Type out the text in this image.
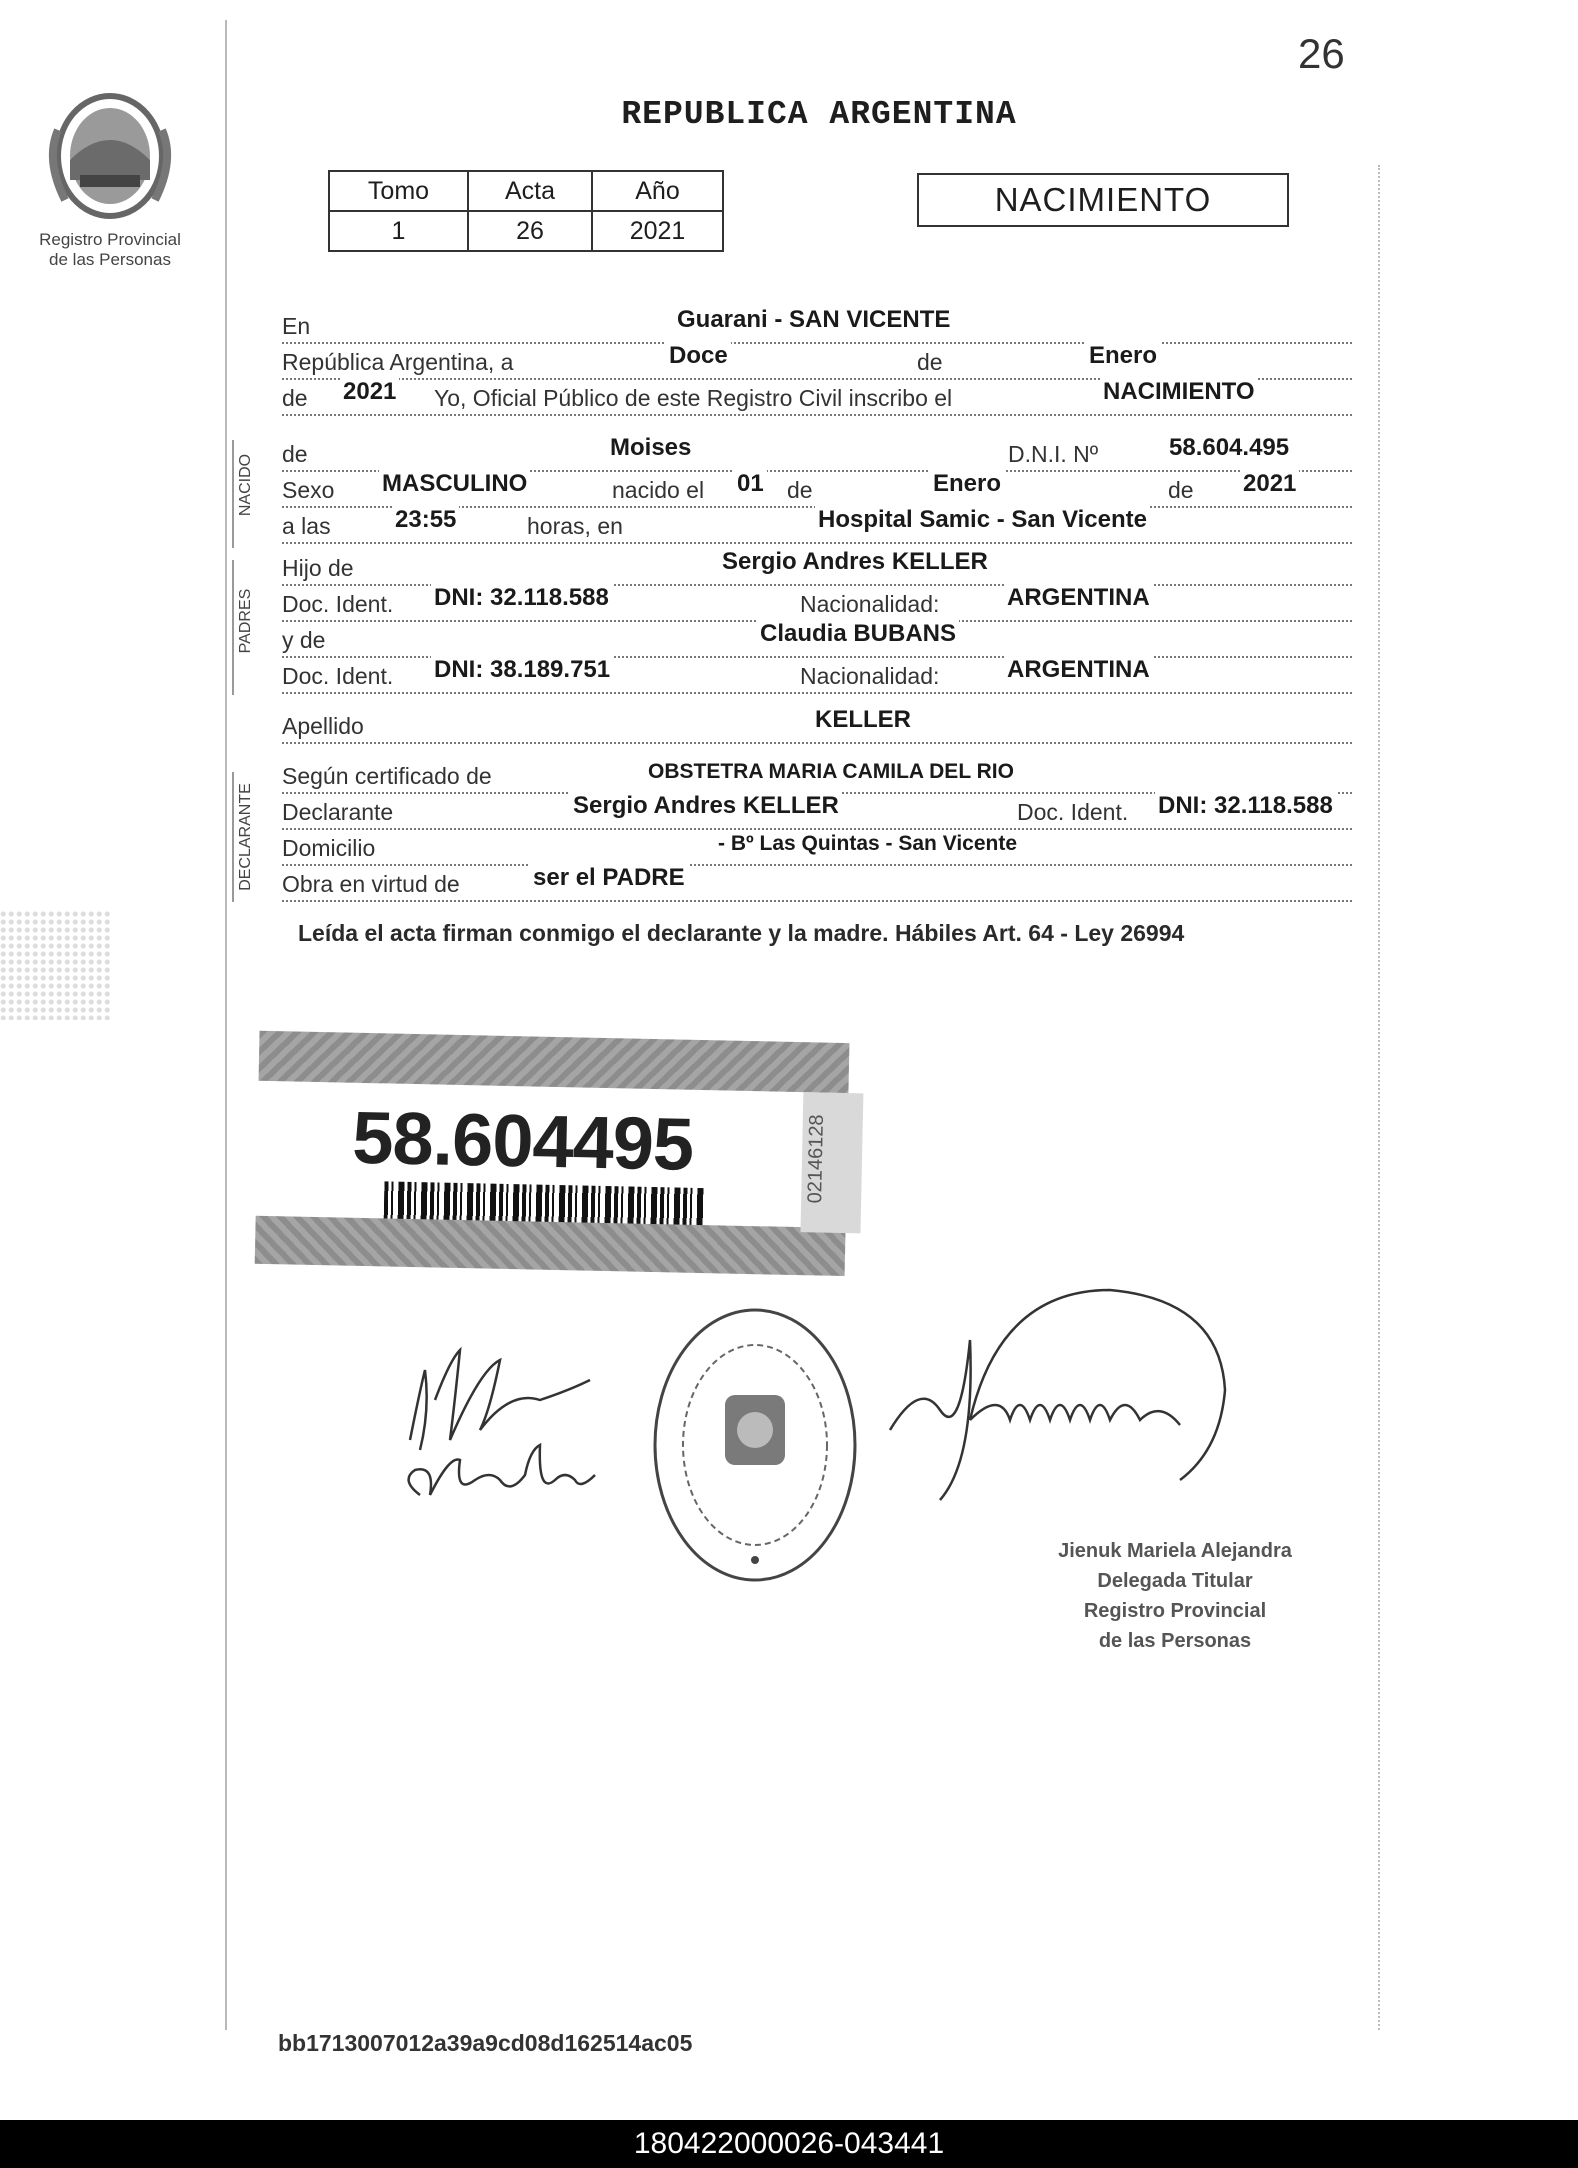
26
Registro Provincial
de las Personas
REPUBLICA ARGENTINA
Tomo	Acta	Año
1	26	2021
NACIMIENTO
En	Guarani - SAN VICENTE
República Argentina, a	Doce	de	Enero
de 2021 Yo, Oficial Público de este Registro Civil inscribo el	NACIMIENTO
NACIDO de	Moises	D.N.I. Nº	58.604.495
Sexo MASCULINO	nacido el 01 de	Enero	de 2021
a las	23:55	horas, en	Hospital Samic - San Vicente
PADRES
Hijo de	Sergio Andres KELLER
Doc. Ident. DNI: 32.118.588	Nacionalidad:	ARGENTINA
y de	Claudia BUBANS
Doc. Ident. DNI: 38.189.751	Nacionalidad:	ARGENTINA
Apellido	KELLER
DECLARANTE
Según certificado de	OBSTETRA MARIA CAMILA DEL RIO
Declarante	Sergio Andres KELLER	Doc. Ident. DNI: 32.118.588
Domicilio	- Bº Las Quintas - San Vicente
Obra en virtud de	ser el PADRE
Leída el acta firman conmigo el declarante y la madre. Hábiles Art. 64 - Ley 26994
58.604495	02146128
Jienuk Mariela Alejandra
Delegada Titular
Registro Provincial
de las Personas
bb1713007012a39a9cd08d162514ac05
180422000026-043441
